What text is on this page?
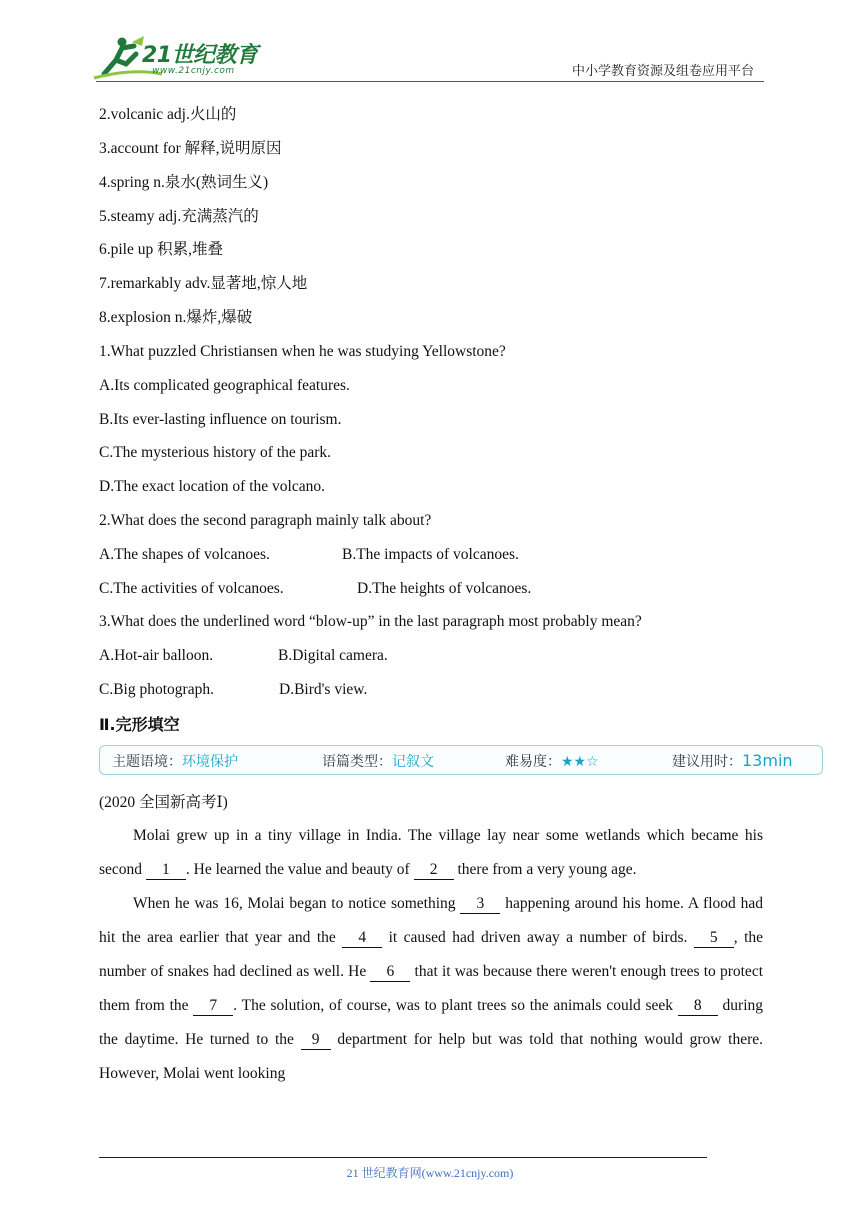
21世纪教育
www.21cnjy.com	中小学教育资源及组卷应用平台
2.volcanic adj.火山的
3.account for 解释,说明原因
4.spring n.泉水(熟词生义)
5.steamy adj.充满蒸汽的
6.pile up 积累,堆叠
7.remarkably adv.显著地,惊人地
8.explosion n.爆炸,爆破
1.What puzzled Christiansen when he was studying Yellowstone?
A.Its complicated geographical features.
B.Its ever-lasting influence on tourism.
C.The mysterious history of the park.
D.The exact location of the volcano.
2.What does the second paragraph mainly talk about?
A.The shapes of volcanoes.	B.The impacts of volcanoes.
C.The activities of volcanoes.	D.The heights of volcanoes.
3.What does the underlined word “blow-up” in the last paragraph most probably mean?
A.Hot-air balloon.	B.Digital camera.
C.Big photograph.	D.Bird's view.
Ⅱ.完形填空
主题语境：环境保护	语篇类型：记叙文	难易度：★★☆	建议用时：13min
(2020 全国新高考Ⅰ)

Molai grew up in a tiny village in India. The village lay near some wetlands which became his second 1 . He learned the value and beauty of 2 there from a very young age.

When he was 16, Molai began to notice something 3 happening around his home. A flood had hit the area earlier that year and the 4 it caused had driven away a number of birds. 5 , the number of snakes had declined as well. He 6 that it was because there weren't enough trees to protect them from the 7 . The solution, of course, was to plant trees so the animals could seek 8 during the daytime. He turned to the 9 department for help but was told that nothing would grow there. However, Molai went looking

21 世纪教育网(www.21cnjy.com)
